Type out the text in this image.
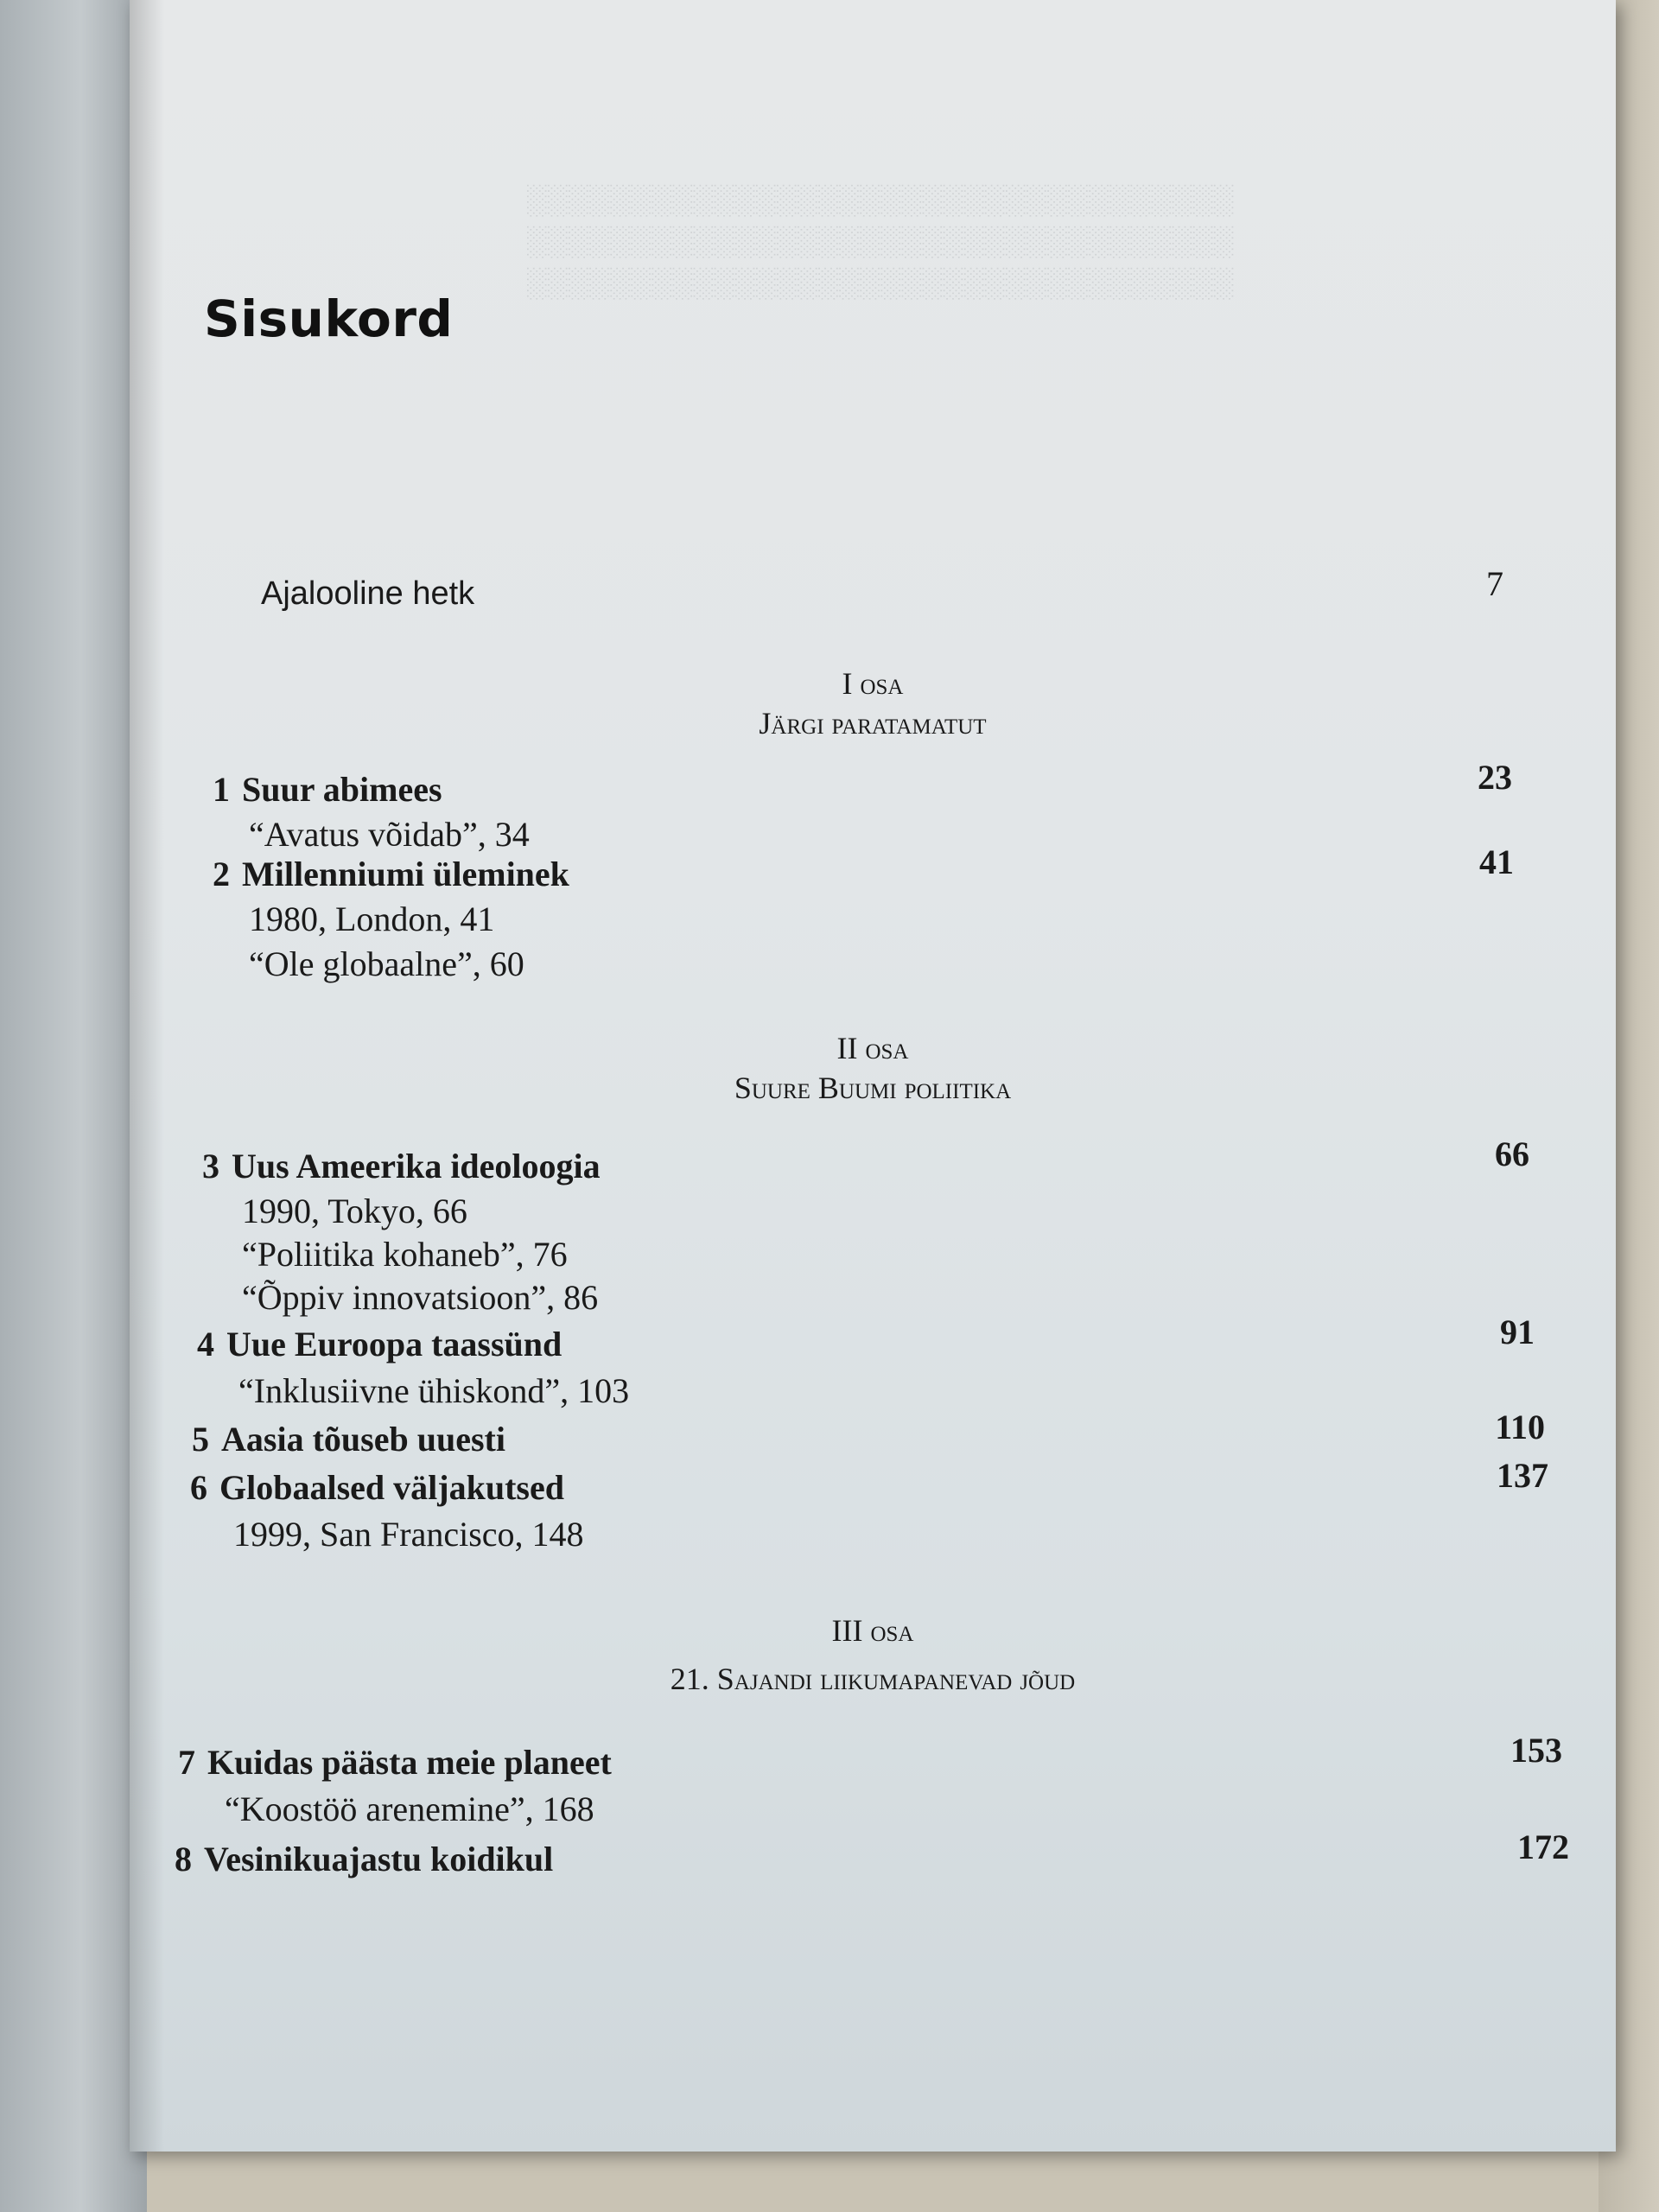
░░░░░░░░░░░░░░░░░░░░░░░░░░░░░░░░░░
░░░░░░░░░░░░░░░░░░░░░░░░░░░░░░░░░░
░░░░░░░░░░░░░░░░░░░░░░░░░░░░░░░░░░

Sisukord
Ajalooline hetk	7
I osa
Järgi paratamatut
1 Suur abimees	23
“Avatus võidab”, 34
2 Millenniumi üleminek	41
1980, London, 41
“Ole globaalne”, 60
II osa
Suure Buumi poliitika
3 Uus Ameerika ideoloogia	66
1990, Tokyo, 66
“Poliitika kohaneb”, 76
“Õppiv innovatsioon”, 86
4 Uue Euroopa taassünd	91
“Inklusiivne ühiskond”, 103
5 Aasia tõuseb uuesti	110
6 Globaalsed väljakutsed	137
1999, San Francisco, 148
III osa
21. Sajandi liikumapanevad jõud
7 Kuidas päästa meie planeet	153
“Koostöö arenemine”, 168
8 Vesinikuajastu koidikul	172
